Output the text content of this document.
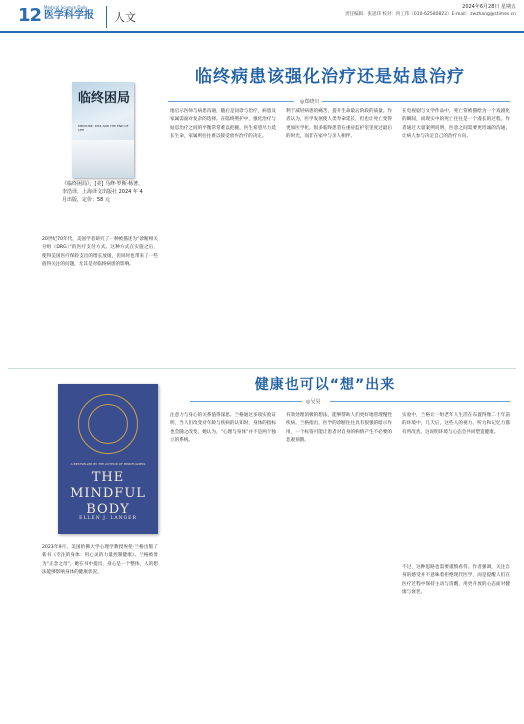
12 Medical Science Daily
医学科学报	人文
2024年6月28日 星期五
责任编辑：张思玮 校对：何工伟（010-62580823）E-mail：zwzhang@stimes.cn
临终病患该强化治疗还是姑息治疗
◎郑晓川
临终困局
MEDICINE, RISK AND THE END OF LIFE
《临终困局》，[美] 马修·罗斯·杨著，李浩译，上海译文出版社 2024 年 4 月出版，定价：58 元
20世纪70年代，美国学者研究了一种被描述为“诊断相关分组（DRG）”的医疗支付方式。这种方式在实施之后，使得美国医疗保险支出的增长放缓，但同时也带来了一些值得关注的问题，尤其是对临终病患的影响。
地启示医师与病患沟通，随后是问诊与治疗，病患及家属需面对复杂的选择。在临终照护中，强化治疗与姑息治疗之间的平衡常常难以把握。医生希望尽力延长生命，家属则往往难以接受放弃治疗的决定。
利于减轻病患的痛苦，提升生命最后阶段的质量。作者认为，医学发展使人类寿命延长，但也让死亡变得更加医学化。很多临终患者在重症监护室里度过最后的时光，而非在家中与亲人相伴。
在电视剧与文学作品中，死亡常被描绘为一个戏剧化的瞬间，而现实中的死亡往往是一个漫长的过程。作者通过大量案例说明，医患之间需要更坦诚的沟通，让病人参与决定自己的治疗方向。
健康也可以“想”出来
◎吴昊
A BESTSELLER BY THE AUTHOR OF MINDFULNESS
THE MINDFUL BODY
ELLEN J. LANGER
2023年9月，美国哈佛大学心理学教授埃伦·兰格出版了新书《专注的身体：用心灵的力量控制健康》。兰格被誉为“正念之母”，她在书中提出，身心是一个整体，人的想法能够影响身体的健康状况。
注意力与身心的关系值得深思。兰格通过多项实验证明，当人们改变对年龄与疾病的认知时，身体的指标也会随之改变。她认为，“心理与身体”并不是两个独立的系统。
有效处理消极的想法，能够帮助人们更好地管理慢性疾病。兰格指出，医学的诊断往往具有很强的暗示作用，一个标签可能让患者对自身的病情产生不必要的悲观预期。
实验中，兰格让一组老年人生活在布置得像二十年前的环境中，几天后，这些人的视力、听力和记忆力都有所改善。这说明环境与心态会共同塑造健康。
不过，这种思路也需要谨慎看待。作者强调，关注自身的感受并不意味着拒绝现代医学，而是提醒人们在医疗过程中保持主动与清醒，用更开放的心态面对健康与衰老。
